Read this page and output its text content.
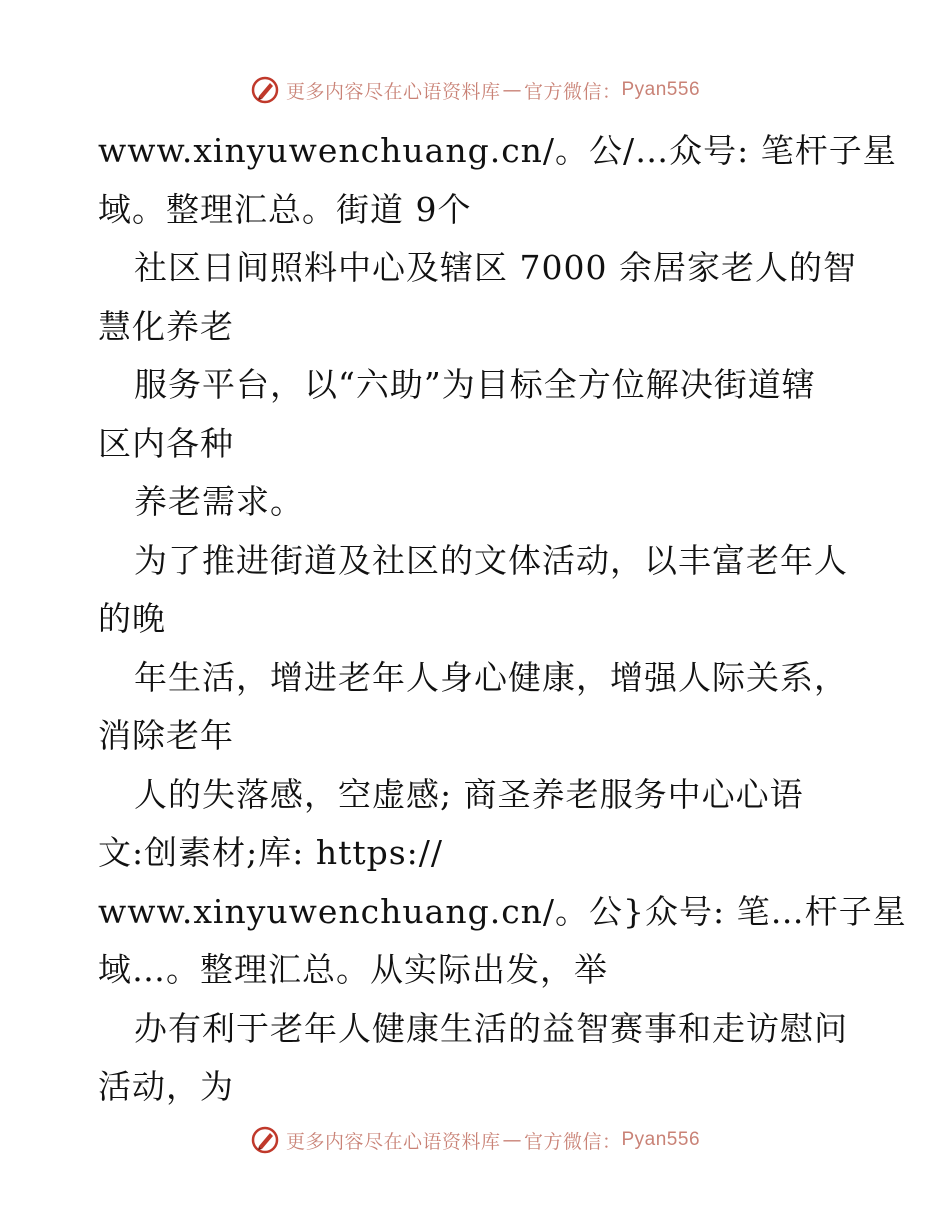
更多内容尽在心语资料库 — 官方微信： Pyan556
www.xinyuwenchuang.cn/。公/…众号: 笔杆子星
域。整理汇总。街道 9个
社区日间照料中心及辖区 7000 余居家老人的智
慧化养老
服务平台，以“六助”为目标全方位解决街道辖
区内各种
养老需求。
为了推进街道及社区的文体活动，以丰富老年人
的晚
年生活，增进老年人身心健康，增强人际关系，
消除老年
人的失落感，空虚感; 商圣养老服务中心心语
文:创素材;库: https://
www.xinyuwenchuang.cn/。公}众号: 笔…杆子星
域…。整理汇总。从实际出发，举
办有利于老年人健康生活的益智赛事和走访慰问
活动，为
更多内容尽在心语资料库 — 官方微信： Pyan556
